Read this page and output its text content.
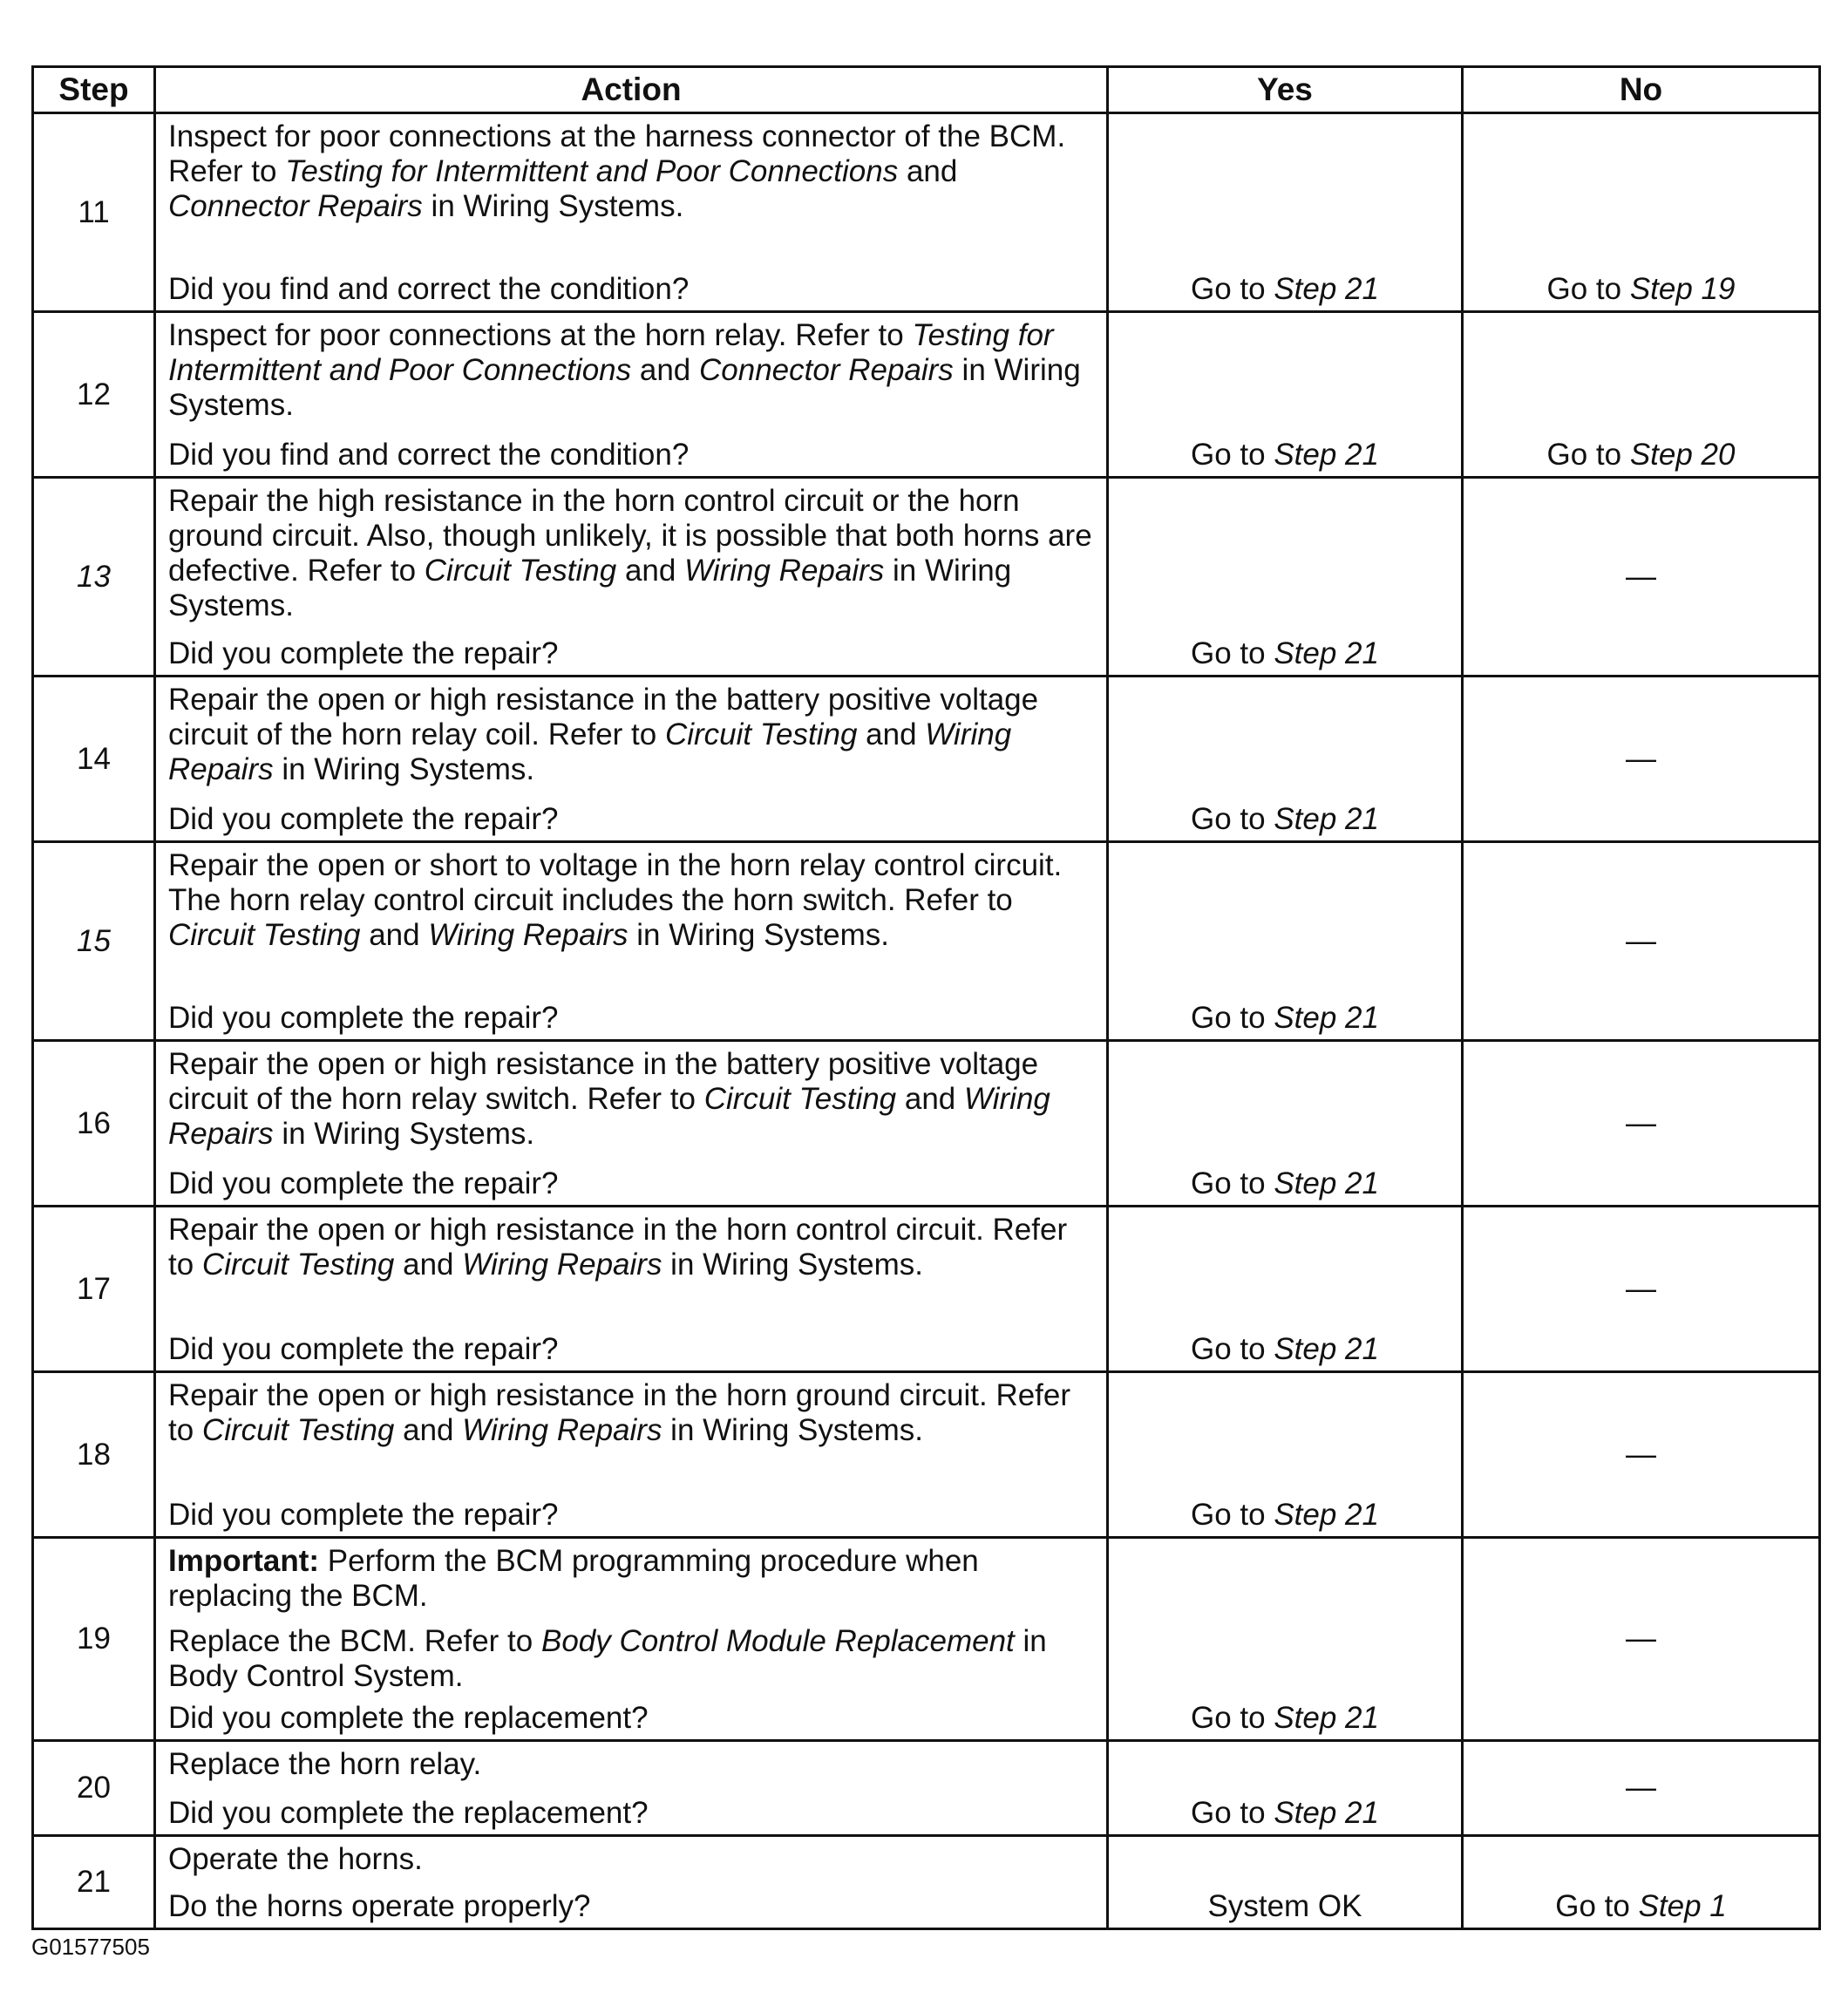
Step	Action	Yes	No
11	Inspect for poor connections at the harness connector of the BCM. Refer to Testing for Intermittent and Poor Connections and Connector Repairs in Wiring Systems.

Did you find and correct the condition?	Go to Step 21	Go to Step 19
12	Inspect for poor connections at the horn relay. Refer to Testing for Intermittent and Poor Connections and Connector Repairs in Wiring Systems.

Did you find and correct the condition?	Go to Step 21	Go to Step 20
13	Repair the high resistance in the horn control circuit or the horn ground circuit. Also, though unlikely, it is possible that both horns are defective. Refer to Circuit Testing and Wiring Repairs in Wiring Systems.

Did you complete the repair?	Go to Step 21	—
14	Repair the open or high resistance in the battery positive voltage circuit of the horn relay coil. Refer to Circuit Testing and Wiring Repairs in Wiring Systems.

Did you complete the repair?	Go to Step 21	—
15	Repair the open or short to voltage in the horn relay control circuit. The horn relay control circuit includes the horn switch. Refer to Circuit Testing and Wiring Repairs in Wiring Systems.

Did you complete the repair?	Go to Step 21	—
16	Repair the open or high resistance in the battery positive voltage circuit of the horn relay switch. Refer to Circuit Testing and Wiring Repairs in Wiring Systems.

Did you complete the repair?	Go to Step 21	—
17	Repair the open or high resistance in the horn control circuit. Refer to Circuit Testing and Wiring Repairs in Wiring Systems.

Did you complete the repair?	Go to Step 21	—
18	Repair the open or high resistance in the horn ground circuit. Refer to Circuit Testing and Wiring Repairs in Wiring Systems.

Did you complete the repair?	Go to Step 21	—
19	Important: Perform the BCM programming procedure when replacing the BCM.

Replace the BCM. Refer to Body Control Module Replacement in Body Control System.

Did you complete the replacement?	Go to Step 21	—
20	Replace the horn relay.

Did you complete the replacement?	Go to Step 21	—
21	Operate the horns.

Do the horns operate properly?	System OK	Go to Step 1
G01577505
